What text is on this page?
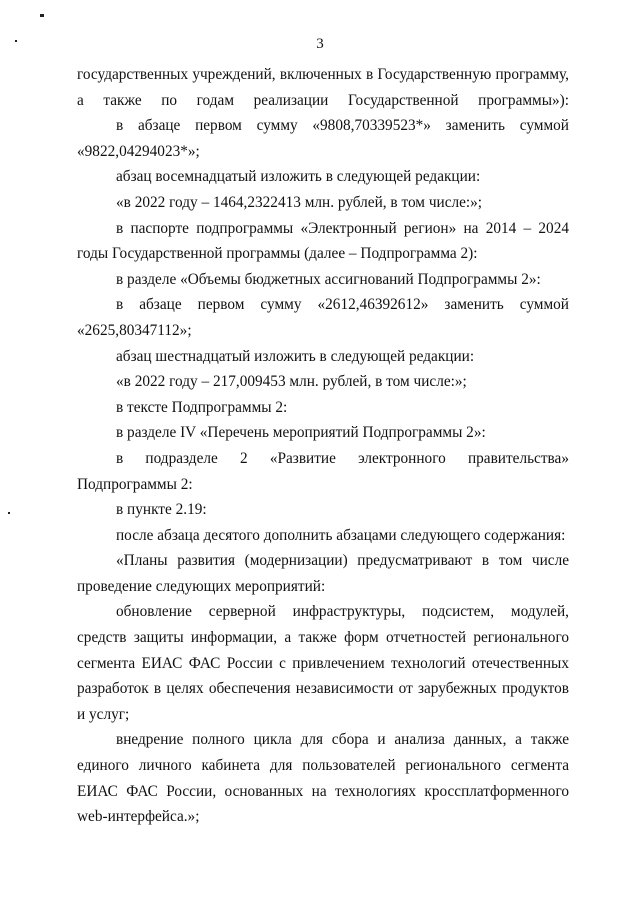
3

государственных учреждений, включенных в Государственную программу, а также по годам реализации Государственной программы»):

в абзаце первом сумму «9808,70339523*» заменить суммой «9822,04294023*»;

абзац восемнадцатый изложить в следующей редакции:

«в 2022 году – 1464,2322413 млн. рублей, в том числе:»;

в паспорте подпрограммы «Электронный регион» на 2014 – 2024 годы Государственной программы (далее – Подпрограмма 2):

в разделе «Объемы бюджетных ассигнований Подпрограммы 2»:

в абзаце первом сумму «2612,46392612» заменить суммой «2625,80347112»;

абзац шестнадцатый изложить в следующей редакции:

«в 2022 году – 217,009453 млн. рублей, в том числе:»;

в тексте Подпрограммы 2:

в разделе IV «Перечень мероприятий Подпрограммы 2»:

в подразделе 2 «Развитие электронного правительства» Подпрограммы 2:

в пункте 2.19:

после абзаца десятого дополнить абзацами следующего содержания:

«Планы развития (модернизации) предусматривают в том числе проведение следующих мероприятий:

обновление серверной инфраструктуры, подсистем, модулей, средств защиты информации, а также форм отчетностей регионального сегмента ЕИАС ФАС России с привлечением технологий отечественных разработок в целях обеспечения независимости от зарубежных продуктов и услуг;

внедрение полного цикла для сбора и анализа данных, а также единого личного кабинета для пользователей регионального сегмента ЕИАС ФАС России, основанных на технологиях кроссплатформенного web-интерфейса.»;
